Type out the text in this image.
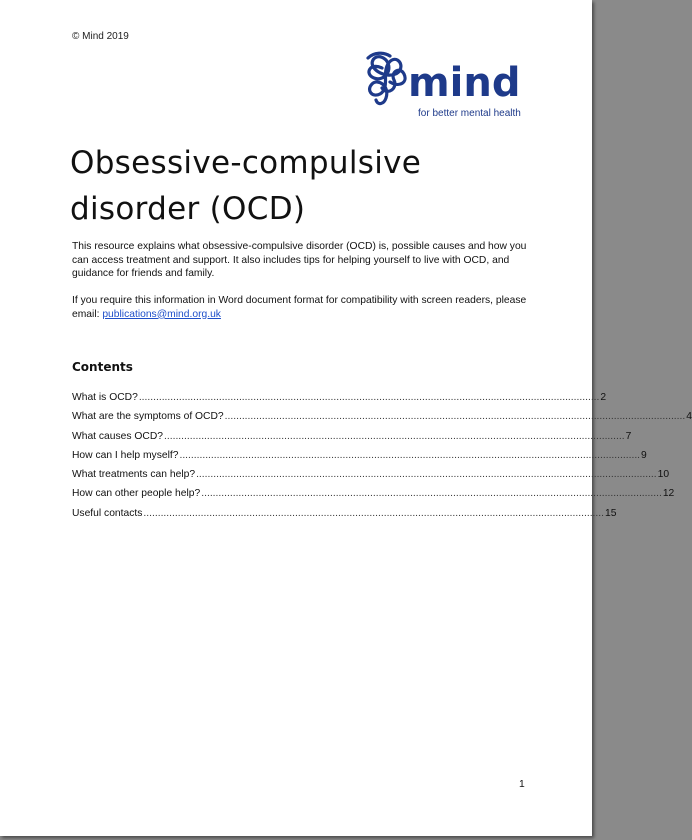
© Mind 2019
mind
for better mental health
Obsessive-compulsive disorder (OCD)

This resource explains what obsessive-compulsive disorder (OCD) is, possible causes and how you can access treatment and support. It also includes tips for helping yourself to live with OCD, and guidance for friends and family.

If you require this information in Word document format for compatibility with screen readers, please email: publications@mind.org.uk

Contents
What is OCD? ................................................................................................................................................................. 2
What are the symptoms of OCD? ................................................................................................................................................................. 4
What causes OCD? ................................................................................................................................................................. 7
How can I help myself? ................................................................................................................................................................. 9
What treatments can help? ................................................................................................................................................................. 10
How can other people help? ................................................................................................................................................................. 12
Useful contacts ................................................................................................................................................................. 15
1
